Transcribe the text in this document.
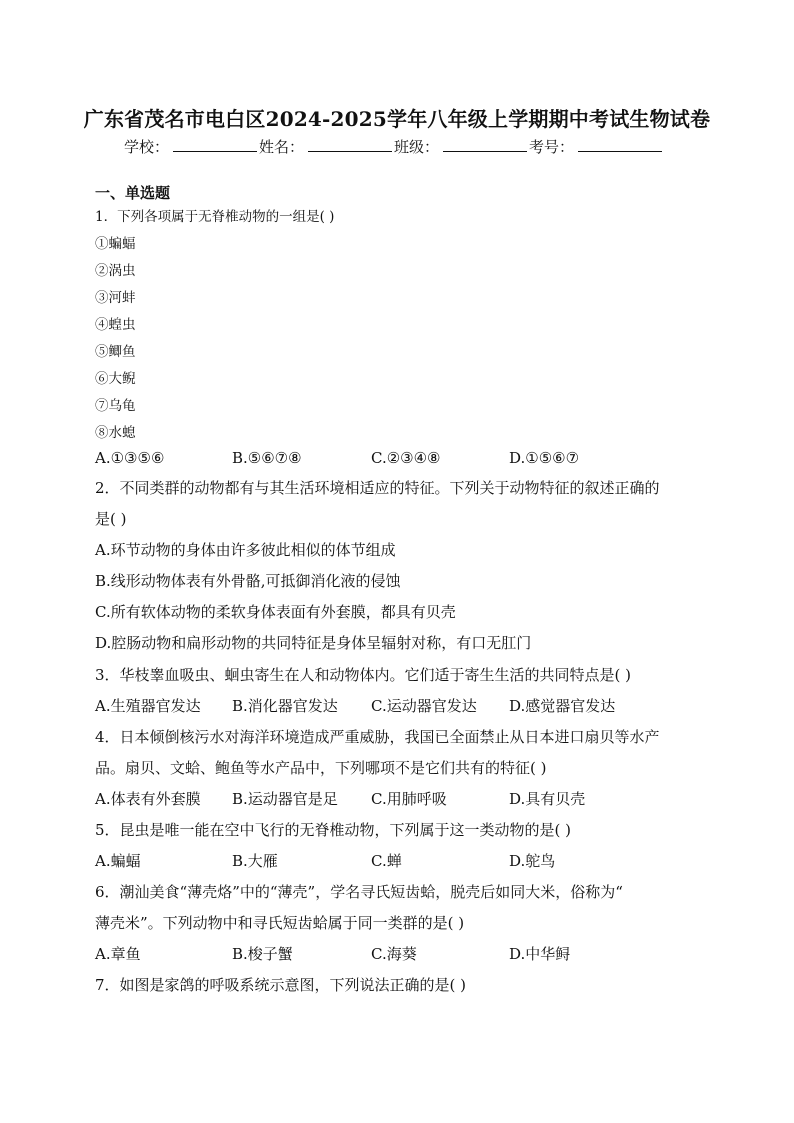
广东省茂名市电白区2024-2025学年八年级上学期期中考试生物试卷
学校：	姓名：	班级：	考号：
一、单选题
1．下列各项属于无脊椎动物的一组是( )
①蝙蝠
②涡虫
③河蚌
④蝗虫
⑤鲫鱼
⑥大鲵
⑦乌龟
⑧水螅
A.①③⑤⑥	B.⑤⑥⑦⑧	C.②③④⑧	D.①⑤⑥⑦
2．不同类群的动物都有与其生活环境相适应的特征。下列关于动物特征的叙述正确的
是( )
A.环节动物的身体由许多彼此相似的体节组成
B.线形动物体表有外骨骼,可抵御消化液的侵蚀
C.所有软体动物的柔软身体表面有外套膜，都具有贝壳
D.腔肠动物和扁形动物的共同特征是身体呈辐射对称，有口无肛门
3．华枝睾血吸虫、蛔虫寄生在人和动物体内。它们适于寄生生活的共同特点是( )
A.生殖器官发达	B.消化器官发达	C.运动器官发达	D.感觉器官发达
4．日本倾倒核污水对海洋环境造成严重威胁，我国已全面禁止从日本进口扇贝等水产
品。扇贝、文蛤、鲍鱼等水产品中，下列哪项不是它们共有的特征( )
A.体表有外套膜	B.运动器官是足	C.用肺呼吸	D.具有贝壳
5．昆虫是唯一能在空中飞行的无脊椎动物，下列属于这一类动物的是( )
A.蝙蝠	B.大雁	C.蝉	D.鸵鸟
6．潮汕美食“薄壳烙”中的“薄壳”，学名寻氏短齿蛤，脱壳后如同大米，俗称为“
薄壳米”。下列动物中和寻氏短齿蛤属于同一类群的是( )
A.章鱼	B.梭子蟹	C.海葵	D.中华鲟
7．如图是家鸽的呼吸系统示意图，下列说法正确的是( )
